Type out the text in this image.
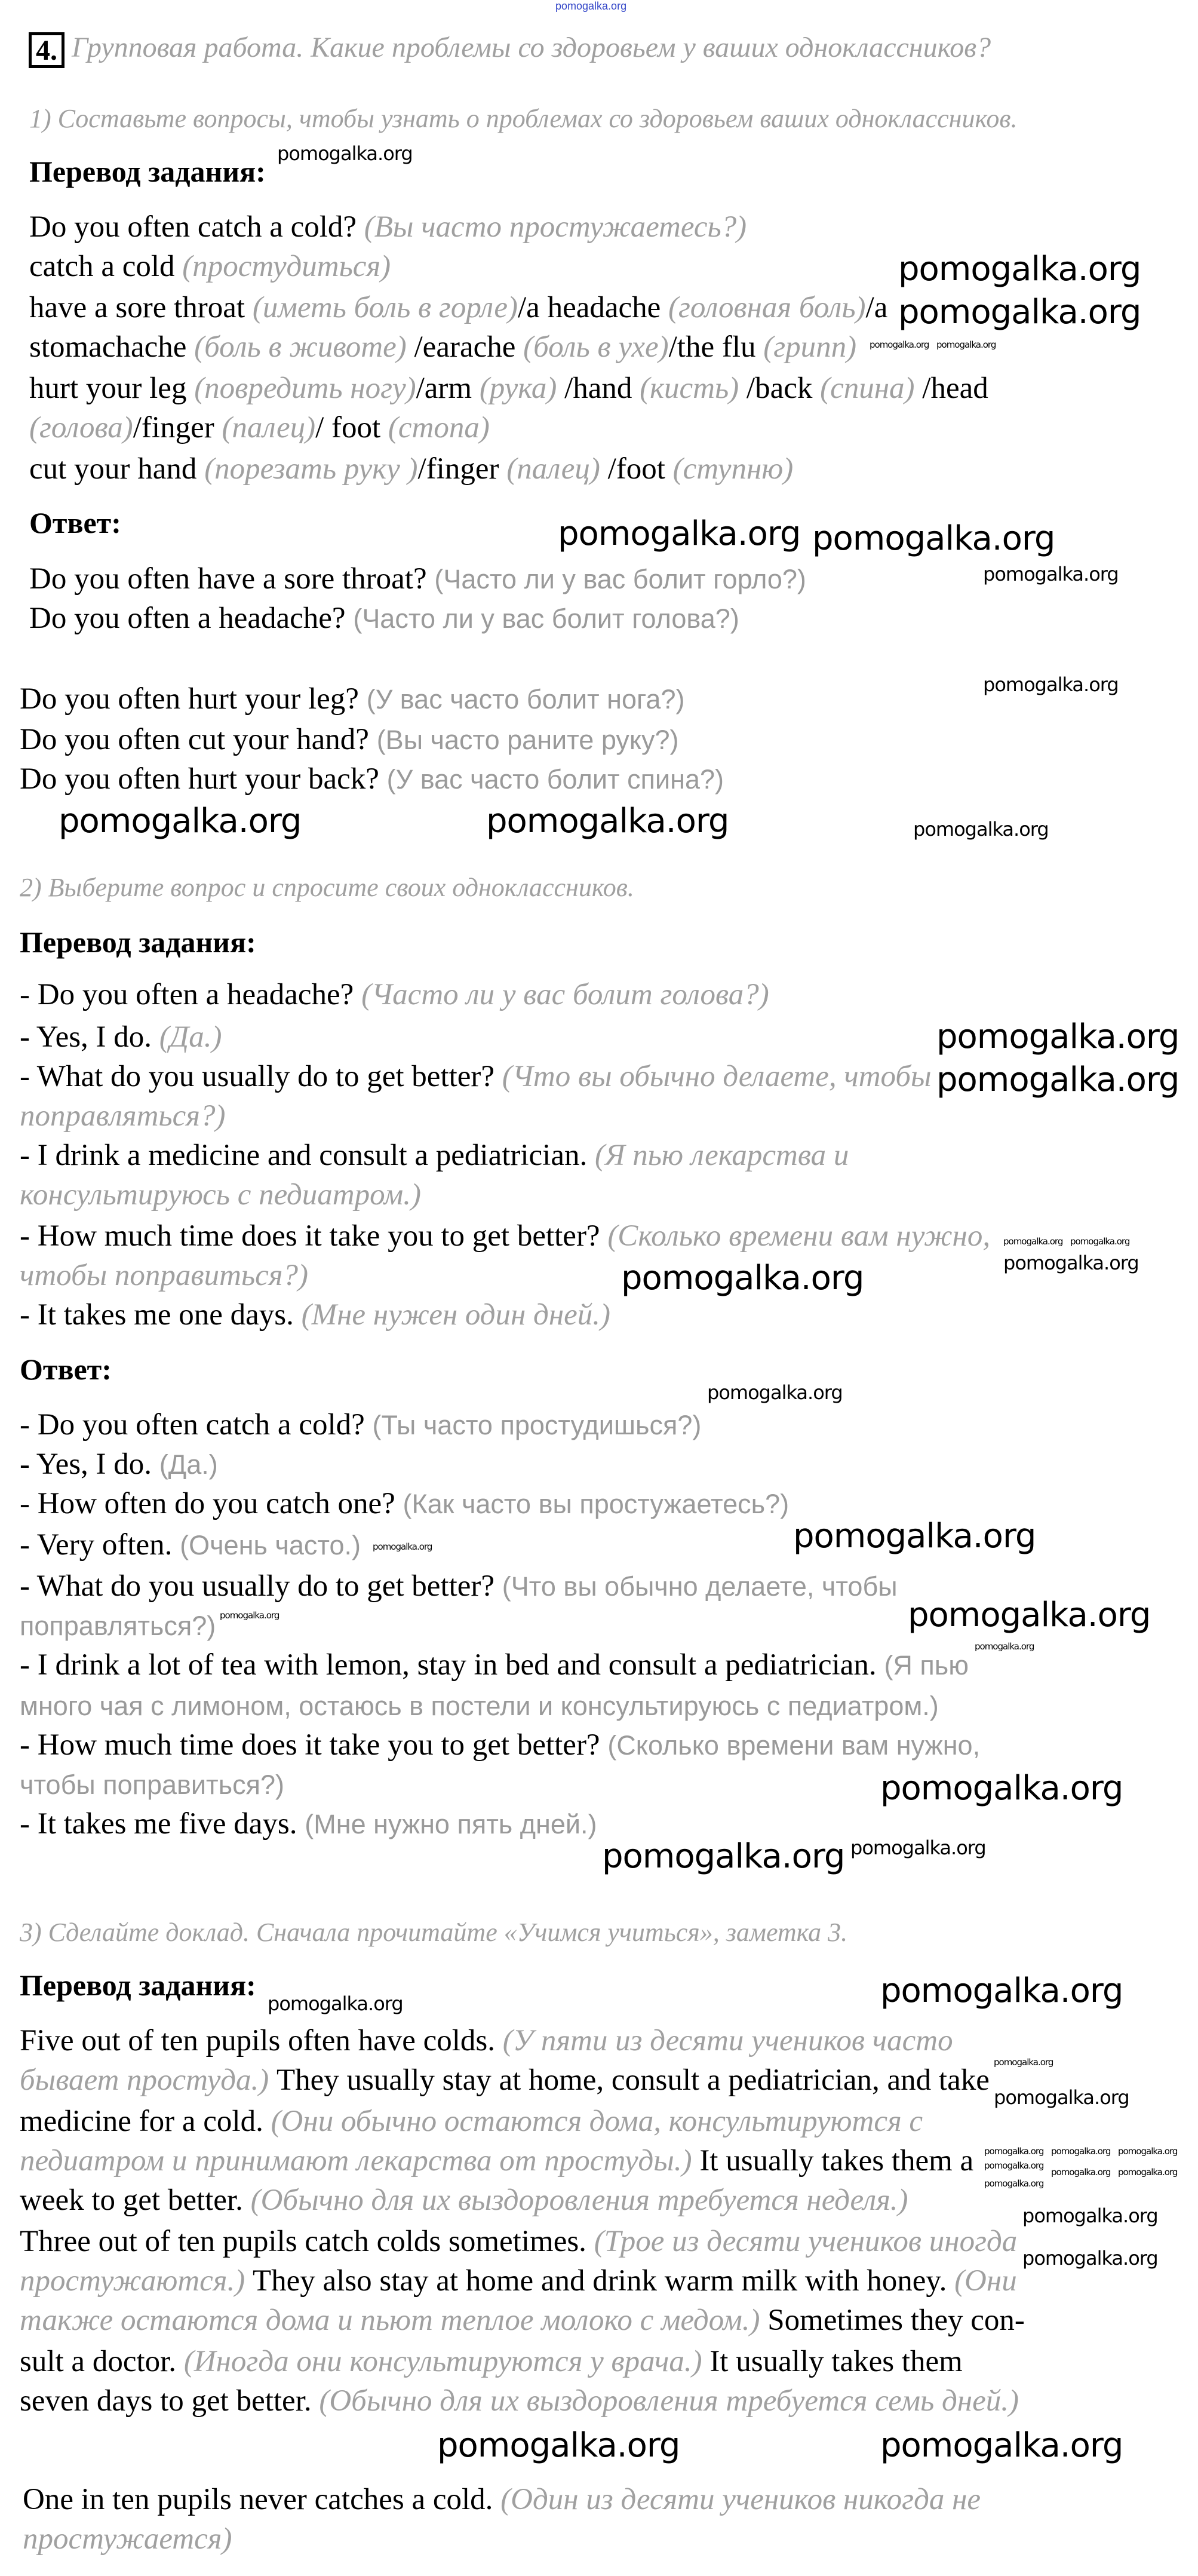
pomogalka.org
4. Групповая работа. Какие проблемы со здоровьем у ваших одноклассников?
1) Составьте вопросы, чтобы узнать о проблемах со здоровьем ваших одноклассников.
Перевод задания:
Do you often catch a cold? (Вы часто простужаетесь?)
catch a cold (простудиться)
have a sore throat (иметь боль в горле)/a headache (головная боль)/a
stomachache (боль в животе) /earache (боль в ухе)/the flu (грипп)
hurt your leg (повредить ногу)/arm (рука) /hand (кисть) /back (спина) /head
(голова)/finger (палец)/ foot (стопа)
cut your hand (порезать руку )/finger (палец) /foot (ступню)
Ответ:
Do you often have a sore throat? (Часто ли у вас болит горло?)
Do you often a headache? (Часто ли у вас болит голова?)
Do you often hurt your leg? (У вас часто болит нога?)
Do you often cut your hand? (Вы часто раните руку?)
Do you often hurt your back? (У вас часто болит спина?)
2) Выберите вопрос и спросите своих одноклассников.
Перевод задания:
- Do you often a headache? (Часто ли у вас болит голова?)
- Yes, I do. (Да.)
- What do you usually do to get better? (Что вы обычно делаете, чтобы
поправляться?)
- I drink a medicine and consult a pediatrician. (Я пью лекарства и
консультируюсь с педиатром.)
- How much time does it take you to get better? (Сколько времени вам нужно,
чтобы поправиться?)
- It takes me one days. (Мне нужен один дней.)
Ответ:
- Do you often catch a cold? (Ты часто простудишься?)
- Yes, I do. (Да.)
- How often do you catch one? (Как часто вы простужаетесь?)
- Very often. (Очень часто.)
- What do you usually do to get better? (Что вы обычно делаете, чтобы
поправляться?)
- I drink a lot of tea with lemon, stay in bed and consult a pediatrician. (Я пью
много чая с лимоном, остаюсь в постели и консультируюсь с педиатром.)
- How much time does it take you to get better? (Сколько времени вам нужно,
чтобы поправиться?)
- It takes me five days. (Мне нужно пять дней.)
3) Сделайте доклад. Сначала прочитайте «Учимся учиться», заметка 3.
Перевод задания:
Five out of ten pupils often have colds. (У пяти из десяти учеников часто
бывает простуда.) They usually stay at home, consult a pediatrician, and take
medicine for a cold. (Они обычно остаются дома, консультируются с
педиатром и принимают лекарства от простуды.) It usually takes them a
week to get better. (Обычно для их выздоровления требуется неделя.)
Three out of ten pupils catch colds sometimes. (Трое из десяти учеников иногда
простужаются.) They also stay at home and drink warm milk with honey. (Они
также остаются дома и пьют теплое молоко с медом.) Sometimes they con-
sult a doctor. (Иногда они консультируются у врача.) It usually takes them
seven days to get better. (Обычно для их выздоровления требуется семь дней.)
One in ten pupils never catches a cold. (Один из десяти учеников никогда не
простужается)
pomogalka.org
pomogalka.org
pomogalka.org
pomogalka.org
pomogalka.org	pomogalka.org
pomogalka.org
pomogalka.org
pomogalka.org
pomogalka.org
pomogalka.org
pomogalka.org
pomogalka.org
pomogalka.org
pomogalka.org	pomogalka.org
pomogalka.org
pomogalka.org
pomogalka.org
pomogalka.org
pomogalka.org
pomogalka.org
pomogalka.org
pomogalka.org
pomogalka.org
pomogalka.org
pomogalka.org
pomogalka.org pomogalka.org
pomogalka.org pomogalka.org
pomogalka.org
pomogalka.org
pomogalka.org
pomogalka.org
pomogalka.org pomogalka.org pomogalka.org
pomogalka.org
pomogalka.org pomogalka.org
pomogalka.org
